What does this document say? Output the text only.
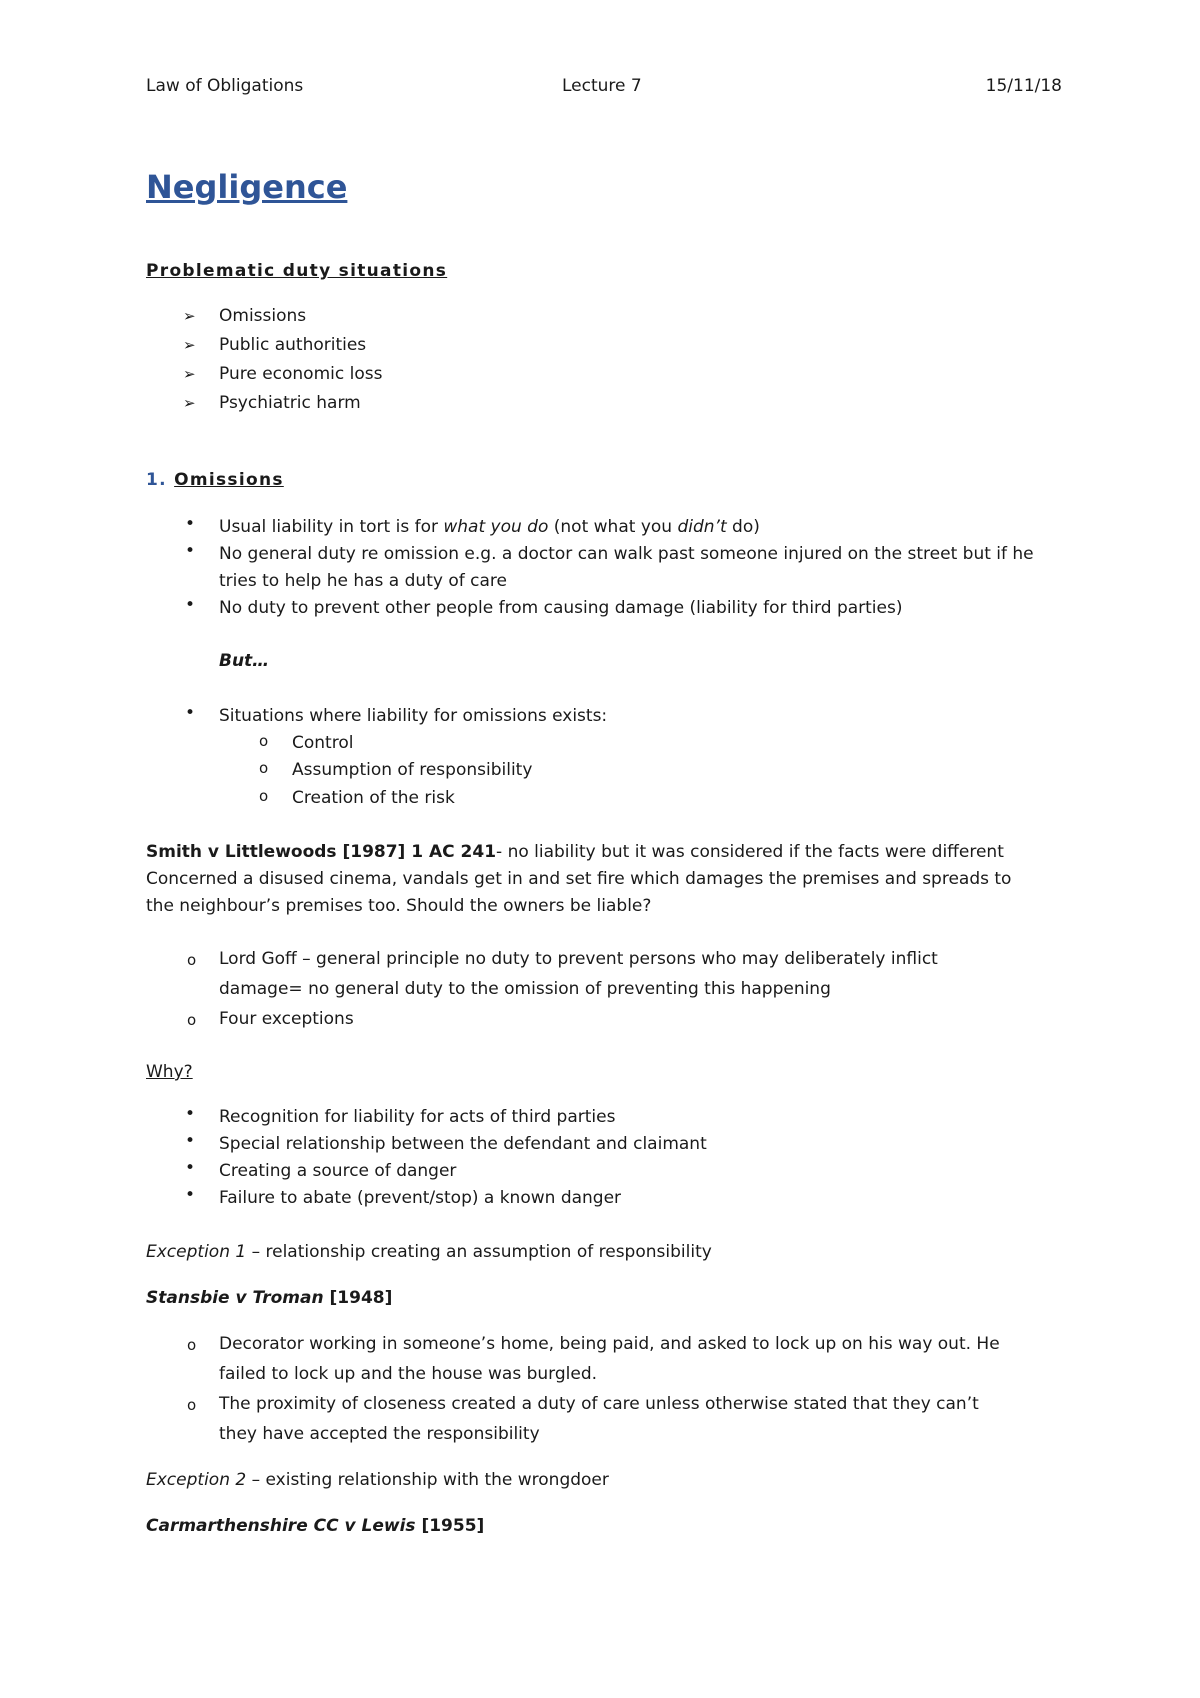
Law of Obligations	Lecture 7	15/11/18
Negligence
Problematic duty situations
➢ Omissions
➢ Public authorities
➢ Pure economic loss
➢ Psychiatric harm
1. Omissions
• Usual liability in tort is for what you do (not what you didn’t do)
• No general duty re omission e.g. a doctor can walk past someone injured on the street but if he tries to help he has a duty of care
• No duty to prevent other people from causing damage (liability for third parties)
But…
• Situations where liability for omissions exists:
o Control
o Assumption of responsibility
o Creation of the risk
Smith v Littlewoods [1987] 1 AC 241- no liability but it was considered if the facts were different
Concerned a disused cinema, vandals get in and set fire which damages the premises and spreads to
the neighbour’s premises too. Should the owners be liable?
o Lord Goff – general principle no duty to prevent persons who may deliberately inflict
damage= no general duty to the omission of preventing this happening
o Four exceptions
Why?
• Recognition for liability for acts of third parties
• Special relationship between the defendant and claimant
• Creating a source of danger
• Failure to abate (prevent/stop) a known danger
Exception 1 – relationship creating an assumption of responsibility
Stansbie v Troman [1948]
o Decorator working in someone’s home, being paid, and asked to lock up on his way out. He
failed to lock up and the house was burgled.
o The proximity of closeness created a duty of care unless otherwise stated that they can’t
they have accepted the responsibility
Exception 2 – existing relationship with the wrongdoer
Carmarthenshire CC v Lewis [1955]
